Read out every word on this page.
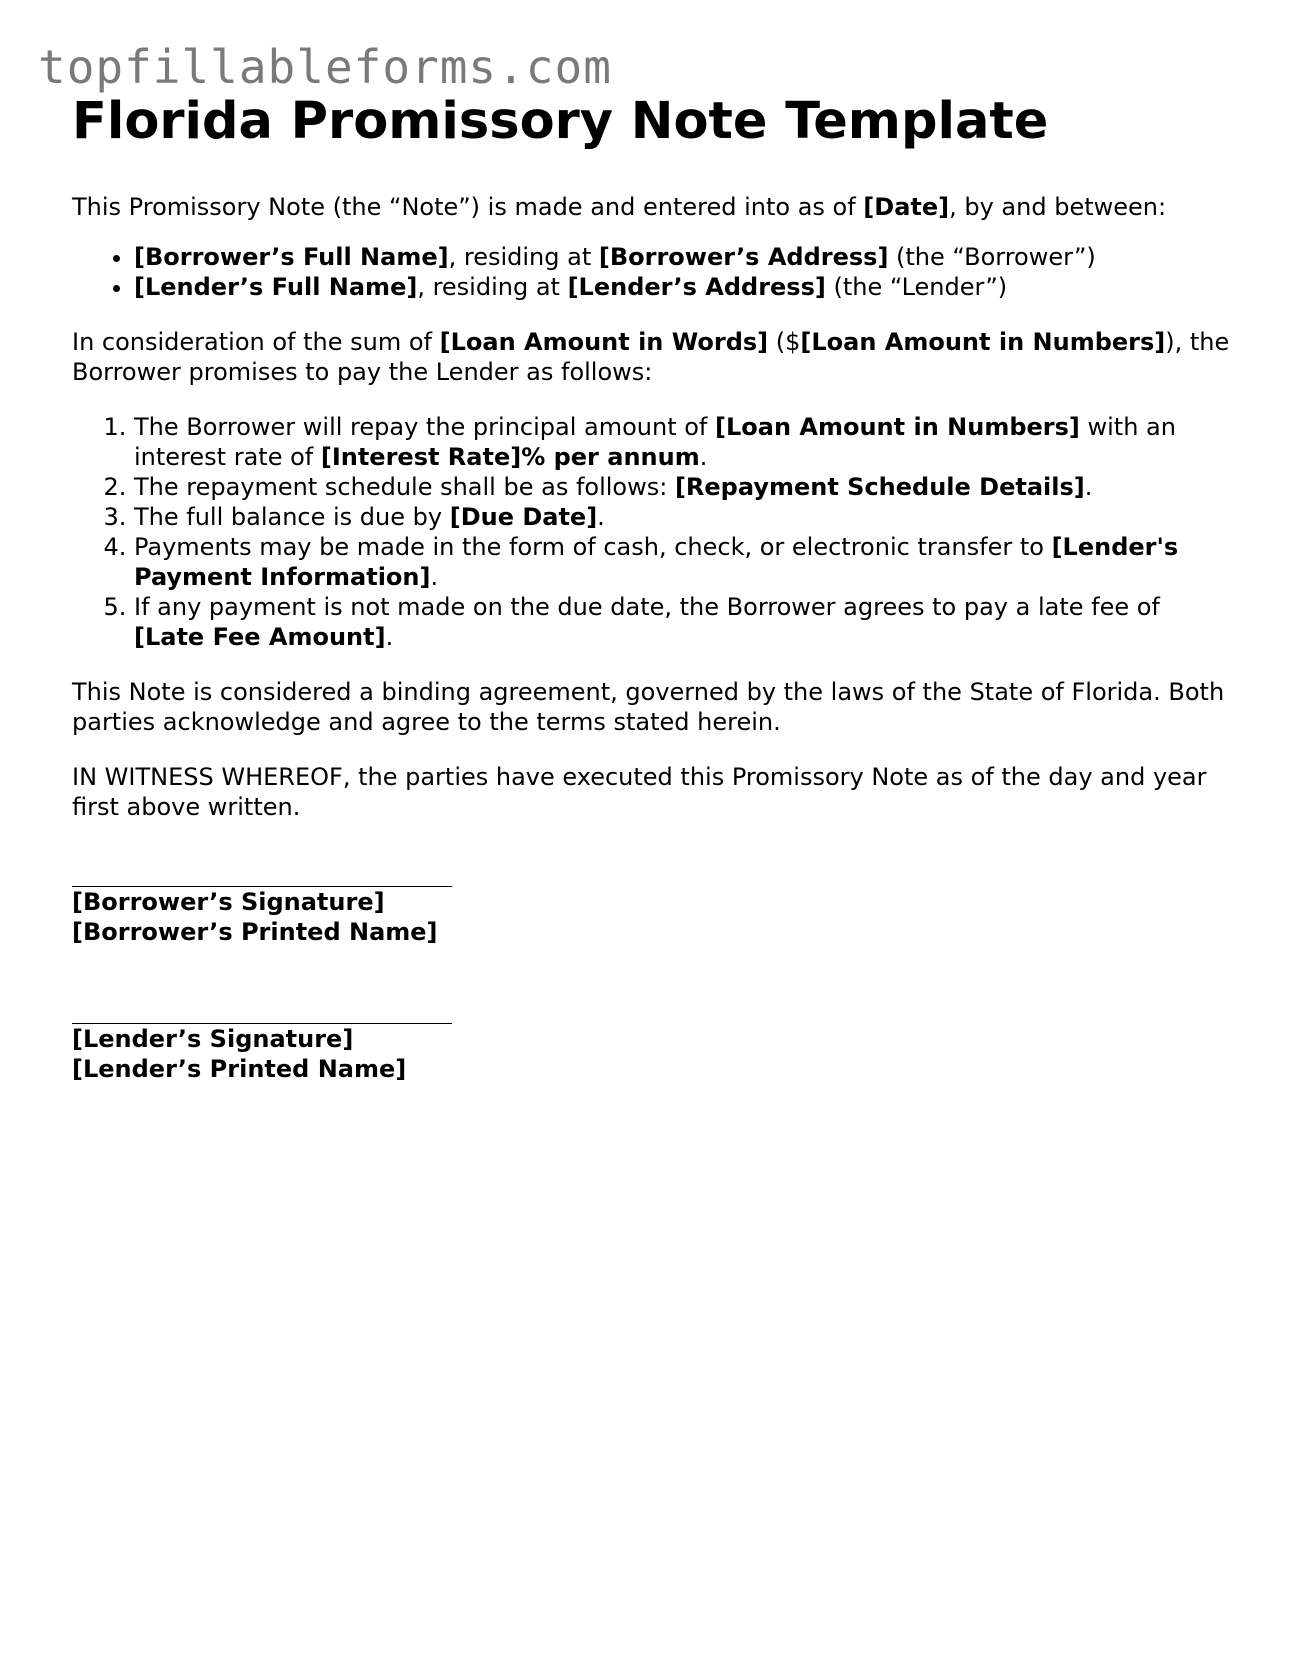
topfillableforms.com
Florida Promissory Note Template

This Promissory Note (the “Note”) is made and entered into as of [Date], by and between:

• [Borrower’s Full Name], residing at [Borrower’s Address] (the “Borrower”)
• [Lender’s Full Name], residing at [Lender’s Address] (the “Lender”)

In consideration of the sum of [Loan Amount in Words] ($[Loan Amount in Numbers]), the Borrower promises to pay the Lender as follows:

1. The Borrower will repay the principal amount of [Loan Amount in Numbers] with an interest rate of [Interest Rate]% per annum.
2. The repayment schedule shall be as follows: [Repayment Schedule Details].
3. The full balance is due by [Due Date].
4. Payments may be made in the form of cash, check, or electronic transfer to [Lender's Payment Information].
5. If any payment is not made on the due date, the Borrower agrees to pay a late fee of [Late Fee Amount].

This Note is considered a binding agreement, governed by the laws of the State of Florida. Both parties acknowledge and agree to the terms stated herein.

IN WITNESS WHEREOF, the parties have executed this Promissory Note as of the day and year first above written.

[Borrower’s Signature]
[Borrower’s Printed Name]
[Lender’s Signature]
[Lender’s Printed Name]
